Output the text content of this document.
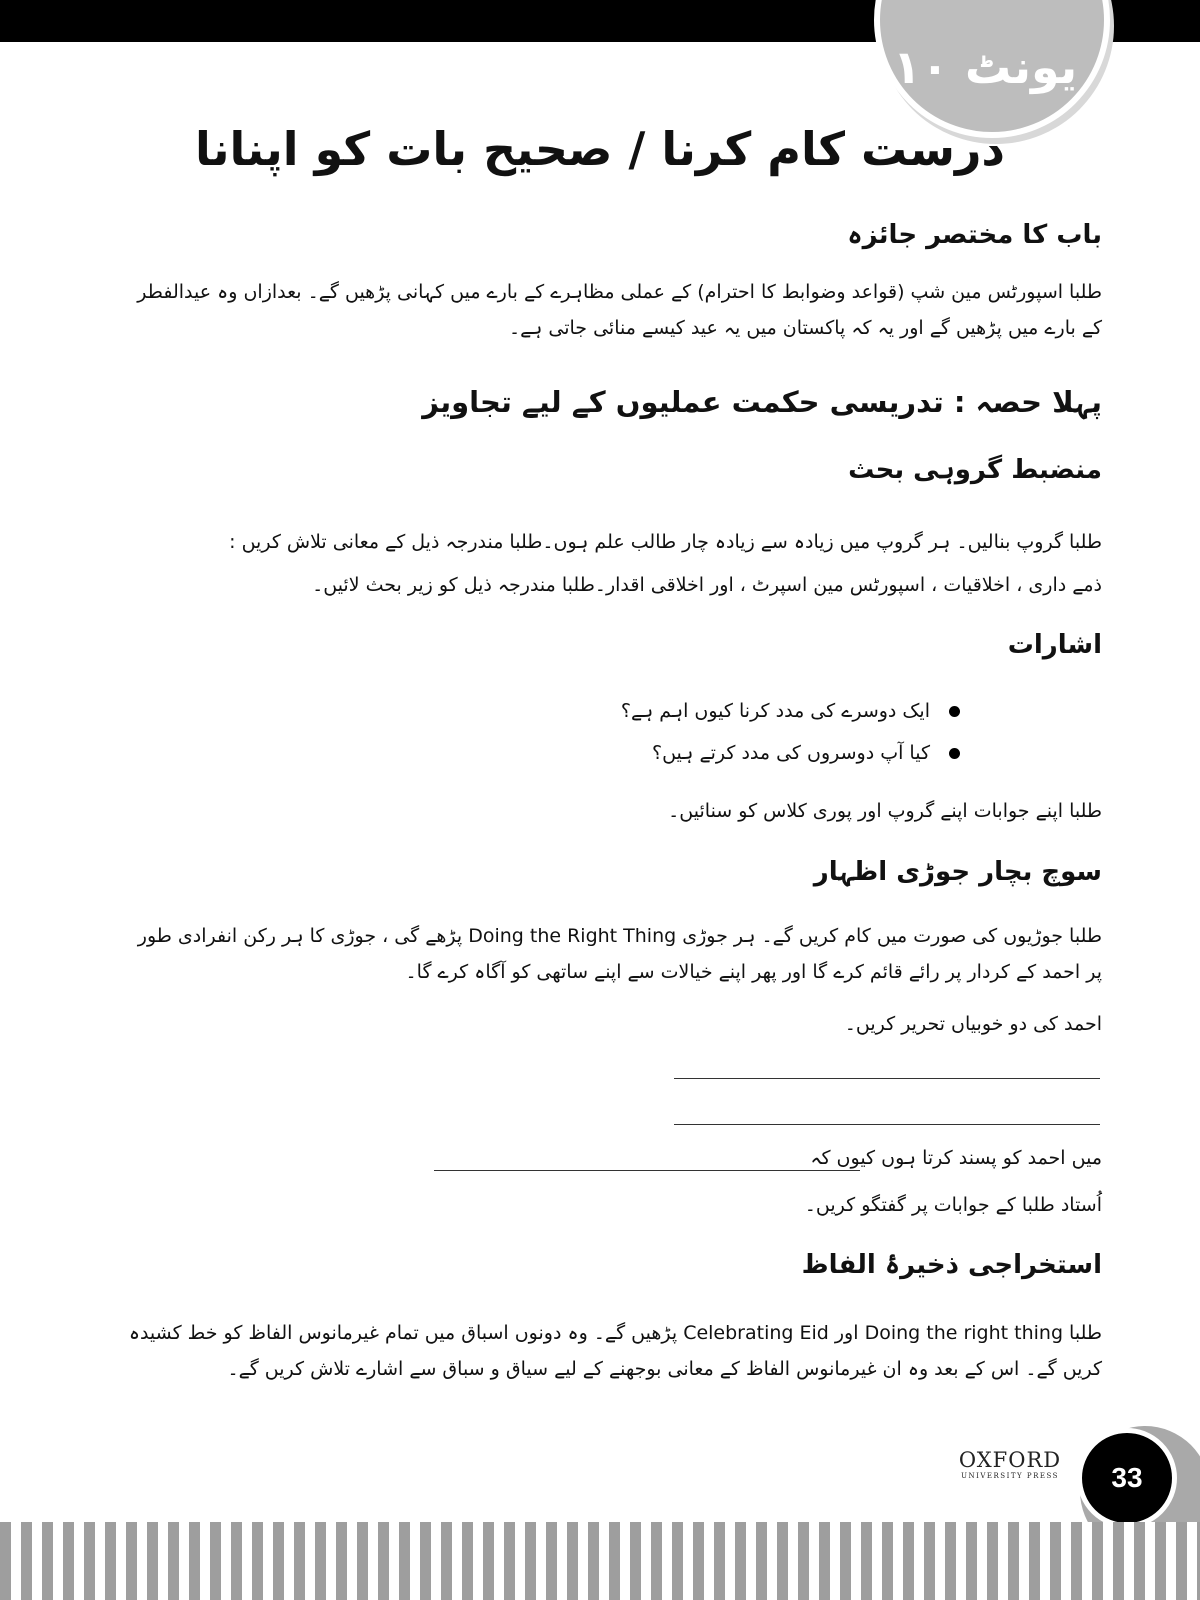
یونٹ ۱۰
درست کام کرنا / صحیح بات کو اپنانا
باب کا مختصر جائزہ
طلبا اسپورٹس مین شپ (قواعد وضوابط کا احترام) کے عملی مظاہرے کے بارے میں کہانی پڑھیں گے۔ بعدازاں وہ عیدالفطر کے بارے میں پڑھیں گے اور یہ کہ پاکستان میں یہ عید کیسے منائی جاتی ہے۔
پہلا حصہ : تدریسی حکمت عملیوں کے لیے تجاویز
منضبط گروہی بحث
طلبا گروپ بنالیں۔ ہر گروپ میں زیادہ سے زیادہ چار طالب علم ہوں۔طلبا مندرجہ ذیل کے معانی تلاش کریں :
ذمے داری ، اخلاقیات ، اسپورٹس مین اسپرٹ ، اور اخلاقی اقدار۔طلبا مندرجہ ذیل کو زیر بحث لائیں۔
اشارات
ایک دوسرے کی مدد کرنا کیوں اہم ہے؟
کیا آپ دوسروں کی مدد کرتے ہیں؟
طلبا اپنے جوابات اپنے گروپ اور پوری کلاس کو سنائیں۔
سوچ بچار جوڑی اظہار
طلبا جوڑیوں کی صورت میں کام کریں گے۔ ہر جوڑی Doing the Right Thing پڑھے گی ، جوڑی کا ہر رکن انفرادی طور پر احمد کے کردار پر رائے قائم کرے گا اور پھر اپنے خیالات سے اپنے ساتھی کو آگاہ کرے گا۔
احمد کی دو خوبیاں تحریر کریں۔
میں احمد کو پسند کرتا ہوں کیوں کہ
اُستاد طلبا کے جوابات پر گفتگو کریں۔
استخراجی ذخیرۂ الفاظ
طلبا Doing the right thing اور Celebrating Eid پڑھیں گے۔ وہ دونوں اسباق میں تمام غیرمانوس الفاظ کو خط کشیدہ کریں گے۔ اس کے بعد وہ ان غیرمانوس الفاظ کے معانی بوجھنے کے لیے سیاق و سباق سے اشارے تلاش کریں گے۔
OXFORD
UNIVERSITY PRESS	33
